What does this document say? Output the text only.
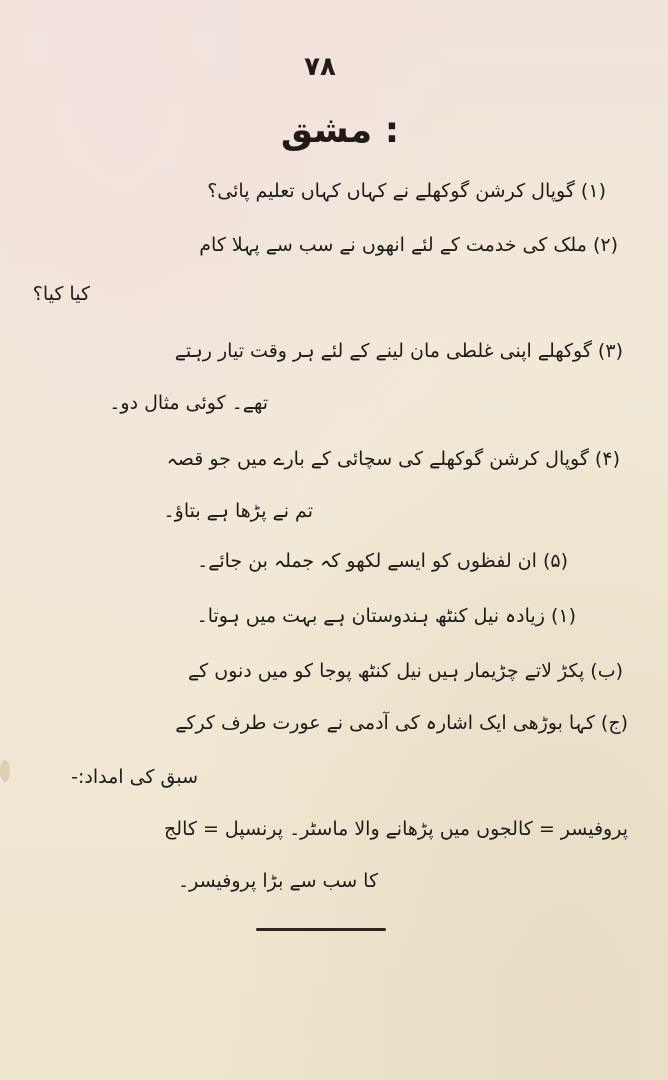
۷۸
مشق :
(۱) گوپال کرشن گوکھلے نے کہاں کہاں تعلیم پائی؟
(۲) ملک کی خدمت کے لئے انھوں نے سب سے پہلا کام
کیا کیا؟
(۳) گوکھلے اپنی غلطی مان لینے کے لئے ہر وقت تیار رہتے
تھے۔ کوئی مثال دو۔
(۴) گوپال کرشن گوکھلے کی سچائی کے بارے میں جو قصہ
تم نے پڑھا ہے بتاؤ۔
(۵) ان لفظوں کو ایسے لکھو کہ جملہ بن جائے۔
(۱) زیادہ نیل کنٹھ ہندوستان ہے بہت میں ہوتا۔
(ب) پکڑ لاتے چڑیمار ہیں نیل کنٹھ پوجا کو میں دنوں کے
(ج) کہا بوڑھی ایک اشارہ کی آدمی نے عورت طرف کرکے
سبق کی امداد:-
پروفیسر = کالجوں میں پڑھانے والا ماسٹر۔ پرنسپل = کالج
کا سب سے بڑا پروفیسر۔
